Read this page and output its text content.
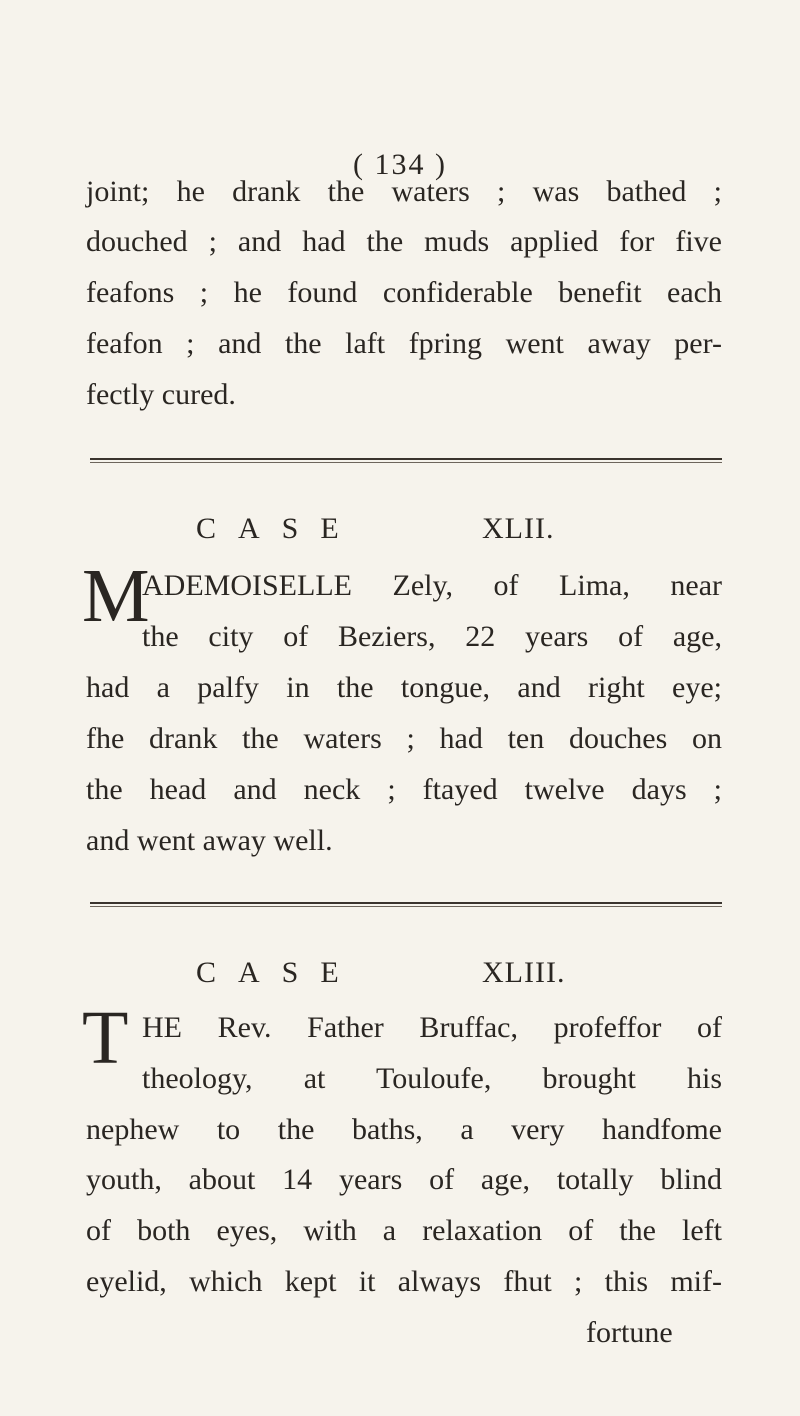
( 134 )
joint; he drank the waters ; was bathed ;
douched ; and had the muds applied for five
feafons ; he found confiderable benefit each
feafon ; and the laft fpring went away per-
fectly cured.
CASE	XLII.
M
ADEMOISELLE Zely, of Lima, near
the city of Beziers, 22 years of age,
had a palfy in the tongue, and right eye;
fhe drank the waters ; had ten douches on
the head and neck ; ftayed twelve days ;
and went away well.
CASE	XLIII.
T HE Rev. Father Bruffac, profeffor of
theology, at Touloufe, brought his
nephew to the baths, a very handfome
youth, about 14 years of age, totally blind
of both eyes, with a relaxation of the left
eyelid, which kept it always fhut ; this mif-
fortune
